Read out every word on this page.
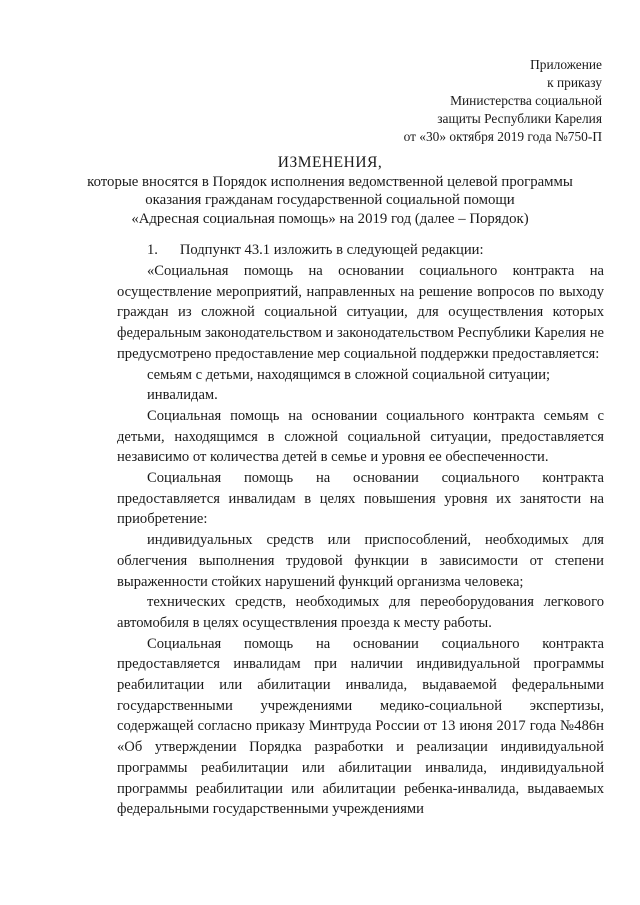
Приложение
к приказу
Министерства социальной
защиты Республики Карелия
от «30» октября 2019 года №750-П
ИЗМЕНЕНИЯ,
которые вносятся в Порядок исполнения ведомственной целевой программы
оказания гражданам государственной социальной помощи
«Адресная социальная помощь» на 2019 год (далее – Порядок)

1.      Подпункт 43.1 изложить в следующей редакции:

«Социальная помощь на основании социального контракта на осуществление мероприятий, направленных на решение вопросов по выходу граждан из сложной социальной ситуации, для осуществления которых федеральным законодательством и законодательством Республики Карелия не предусмотрено предоставление мер социальной поддержки предоставляется:

семьям с детьми, находящимся в сложной социальной ситуации;

инвалидам.

Социальная помощь на основании социального контракта семьям с детьми, находящимся в сложной социальной ситуации, предоставляется независимо от количества детей в семье и уровня ее обеспеченности.

Социальная помощь на основании социального контракта предоставляется инвалидам в целях повышения уровня их занятости на приобретение:

индивидуальных средств или приспособлений, необходимых для облегчения выполнения трудовой функции в зависимости от степени выраженности стойких нарушений функций организма человека;

технических средств, необходимых для переоборудования легкового автомобиля в целях осуществления проезда к месту работы.

Социальная помощь на основании социального контракта предоставляется инвалидам при наличии индивидуальной программы реабилитации или абилитации инвалида, выдаваемой федеральными государственными учреждениями медико-социальной экспертизы, содержащей согласно приказу Минтруда России от 13 июня 2017 года №486н «Об утверждении Порядка разработки и реализации индивидуальной программы реабилитации или абилитации инвалида, индивидуальной программы реабилитации или абилитации ребенка-инвалида, выдаваемых федеральными государственными учреждениями
